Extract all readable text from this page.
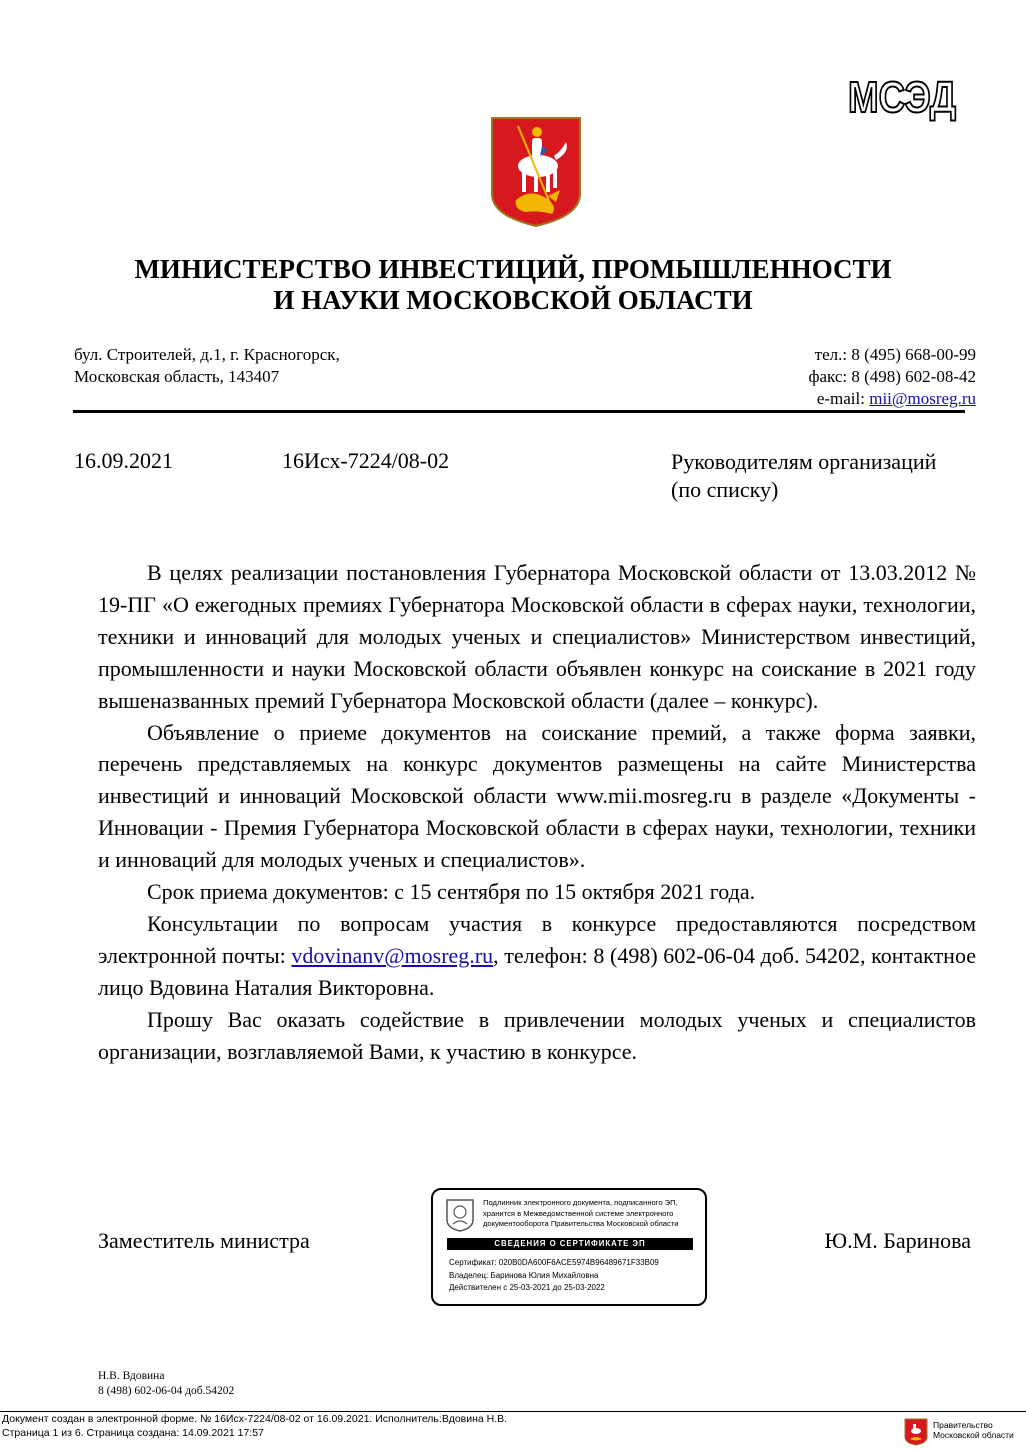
МСЭД
МИНИСТЕРСТВО ИНВЕСТИЦИЙ, ПРОМЫШЛЕННОСТИ
И НАУКИ МОСКОВСКОЙ ОБЛАСТИ
бул. Строителей, д.1, г. Красногорск,
Московская область, 143407
тел.: 8 (495) 668-00-99
факс: 8 (498) 602-08-42
e-mail: mii@mosreg.ru
16.09.2021	16Исх-7224/08-02	Руководителям организаций
(по списку)

В целях реализации постановления Губернатора Московской области от 13.03.2012 № 19-ПГ «О ежегодных премиях Губернатора Московской области в сферах науки, технологии, техники и инноваций для молодых ученых и специалистов» Министерством инвестиций, промышленности и науки Московской области объявлен конкурс на соискание в 2021 году вышеназванных премий Губернатора Московской области (далее – конкурс).

Объявление о приеме документов на соискание премий, а также форма заявки, перечень представляемых на конкурс документов размещены на сайте Министерства инвестиций и инноваций Московской области www.mii.mosreg.ru в разделе «Документы - Инновации - Премия Губернатора Московской области в сферах науки, технологии, техники и инноваций для молодых ученых и специалистов».

Срок приема документов: с 15 сентября по 15 октября 2021 года.

Консультации по вопросам участия в конкурсе предоставляются посредством электронной почты: vdovinanv@mosreg.ru, телефон: 8 (498) 602-06-04 доб. 54202, контактное лицо Вдовина Наталия Викторовна.

Прошу Вас оказать содействие в привлечении молодых ученых и специалистов организации, возглавляемой Вами, к участию в конкурсе.

Заместитель министра	Ю.М. Баринова
Подлинник электронного документа, подписанного ЭП,
хранится в Межведомственной системе электронного
документооборота Правительства Московской области
СВЕДЕНИЯ О СЕРТИФИКАТЕ ЭП
Сертификат: 020B0DA600F6ACE5974B96489671F33B09
Владелец: Баринова Юлия Михайловна
Действителен с 25-03-2021 до 25-03-2022
Н.В. Вдовина
8 (498) 602-06-04 доб.54202
Документ создан в электронной форме. № 16Исх-7224/08-02 от 16.09.2021. Исполнитель:Вдовина Н.В.
Страница 1 из 6. Страница создана: 14.09.2021 17:57
Правительство
Московской области
